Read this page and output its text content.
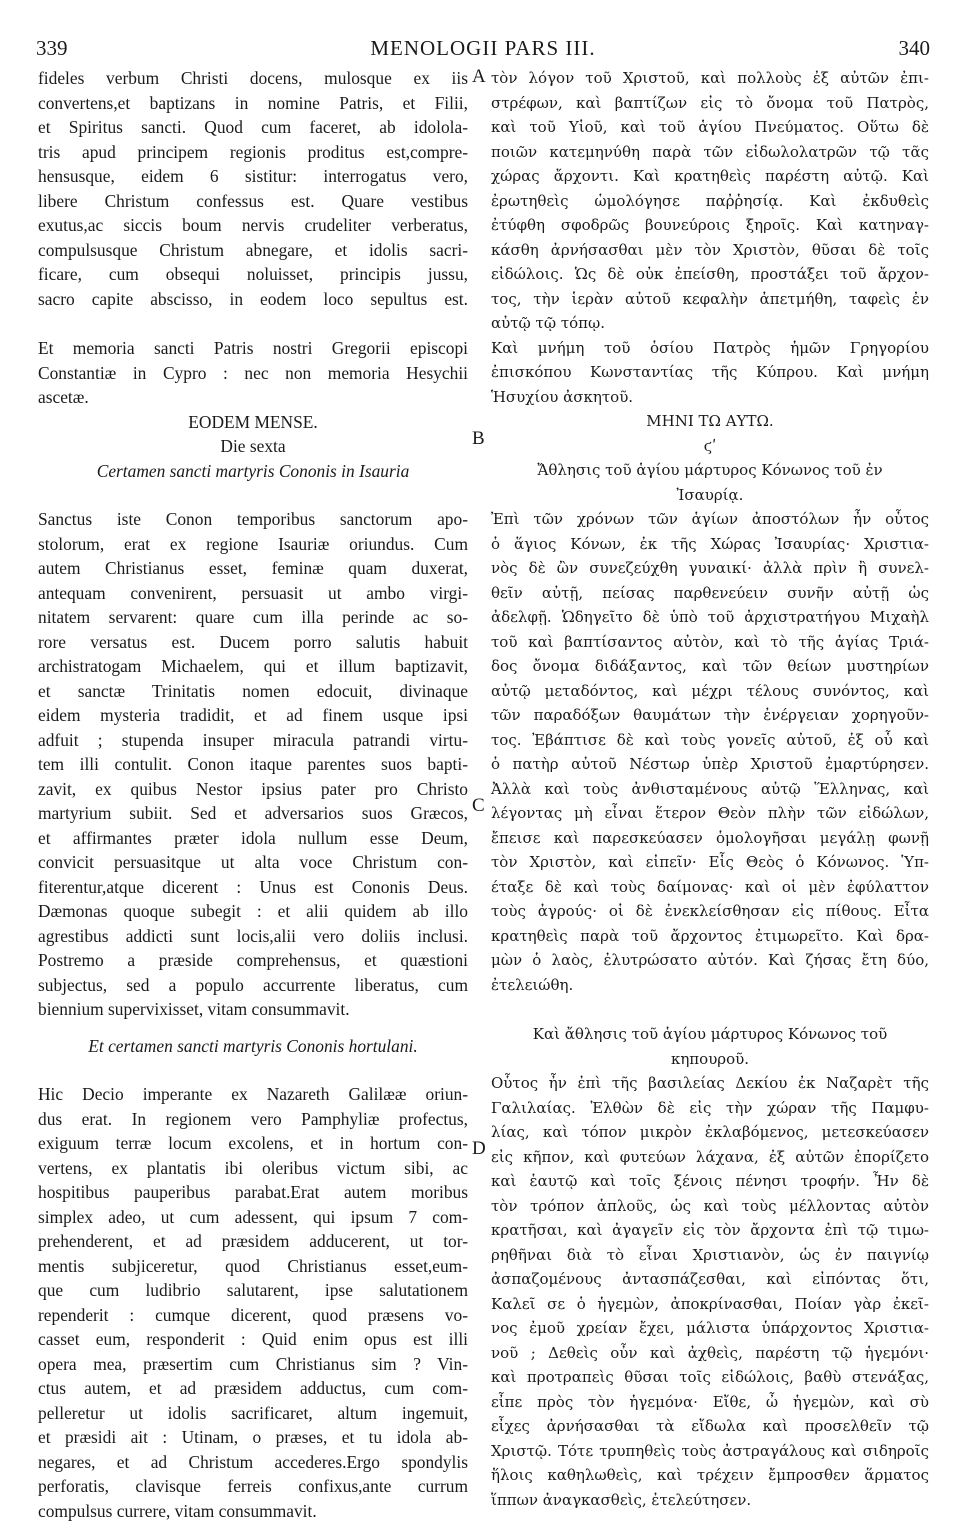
339	MENOLOGII PARS III.	340
A
B
C
D

fideles verbum Christi docens, mulosque ex iis

convertens,et baptizans in nomine Patris, et Filii,

et Spiritus sancti. Quod cum faceret, ab idolola-

tris apud principem regionis proditus est,compre-

hensusque, eidem 6 sistitur: interrogatus vero,

libere Christum confessus est. Quare vestibus

exutus,ac siccis boum nervis crudeliter verberatus,

compulsusque Christum abnegare, et idolis sacri-

ficare, cum obsequi noluisset, principis jussu,

sacro capite abscisso, in eodem loco sepultus est.

Et memoria sancti Patris nostri Gregorii episcopi

Constantiæ in Cypro : nec non memoria Hesychii

ascetæ.

EODEM MENSE.

Die sexta

Certamen sancti martyris Cononis in Isauria

Sanctus iste Conon temporibus sanctorum apo-

stolorum, erat ex regione Isauriæ oriundus. Cum

autem Christianus esset, feminæ quam duxerat,

antequam convenirent, persuasit ut ambo virgi-

nitatem servarent: quare cum illa perinde ac so-

rore versatus est. Ducem porro salutis habuit

archistratogam Michaelem, qui et illum baptizavit,

et sanctæ Trinitatis nomen edocuit, divinaque

eidem mysteria tradidit, et ad finem usque ipsi

adfuit ; stupenda insuper miracula patrandi virtu-

tem illi contulit. Conon itaque parentes suos bapti-

zavit, ex quibus Nestor ipsius pater pro Christo

martyrium subiit. Sed et adversarios suos Græcos,

et affirmantes præter idola nullum esse Deum,

convicit persuasitque ut alta voce Christum con-

fiterentur,atque dicerent : Unus est Cononis Deus.

Dæmonas quoque subegit : et alii quidem ab illo

agrestibus addicti sunt locis,alii vero doliis inclusi.

Postremo a præside comprehensus, et quæstioni

subjectus, sed a populo accurrente liberatus, cum

biennium supervixisset, vitam consummavit.

Et certamen sancti martyris Cononis hortulani.

Hic Decio imperante ex Nazareth Galilææ oriun-

dus erat. In regionem vero Pamphyliæ profectus,

exiguum terræ locum excolens, et in hortum con-

vertens, ex plantatis ibi oleribus victum sibi, ac

hospitibus pauperibus parabat.Erat autem moribus

simplex adeo, ut cum adessent, qui ipsum 7 com-

prehenderent, et ad præsidem adducerent, ut tor-

mentis subjiceretur, quod Christianus esset,eum-

que cum ludibrio salutarent, ipse salutationem

rependerit : cumque dicerent, quod præsens vo-

casset eum, responderit : Quid enim opus est illi

opera mea, præsertim cum Christianus sim ? Vin-

ctus autem, et ad præsidem adductus, cum com-

pelleretur ut idolis sacrificaret, altum ingemuit,

et præsidi ait : Utinam, o præses, et tu idola ab-

negares, et ad Christum accederes.Ergo spondylis

perforatis, clavisque ferreis confixus,ante currum

compulsus currere, vitam consummavit.

τὸν λόγον τοῦ Χριστοῦ, καὶ πολλοὺς ἐξ αὐτῶν ἐπι-

στρέφων, καὶ βαπτίζων εἰς τὸ ὄνομα τοῦ Πατρὸς,

καὶ τοῦ Υἱοῦ, καὶ τοῦ ἁγίου Πνεύματος. Οὕτω δὲ

ποιῶν κατεμηνύθη παρὰ τῶν εἰδωλολατρῶν τῷ τᾶς

χώρας ἄρχοντι. Καὶ κρατηθεὶς παρέστη αὐτῷ. Καὶ

ἐρωτηθεὶς ὡμολόγησε παῤῥησίᾳ. Καὶ ἐκδυθεὶς

ἐτύφθη σφοδρῶς βουνεύροις ξηροῖς. Καὶ κατηναγ-

κάσθη ἀρνήσασθαι μὲν τὸν Χριστὸν, θῦσαι δὲ τοῖς

εἰδώλοις. Ὡς δὲ οὐκ ἐπείσθη, προστάξει τοῦ ἄρχον-

τος, τὴν ἱερὰν αὐτοῦ κεφαλὴν ἀπετμήθη, ταφεὶς ἐν

αὐτῷ τῷ τόπῳ.

Καὶ μνήμη τοῦ ὁσίου Πατρὸς ἡμῶν Γρηγορίου

ἐπισκόπου Κωνσταντίας τῆς Κύπρου. Καὶ μνήμη

Ἡσυχίου ἀσκητοῦ.

ΜΗΝΙ ΤΩ ΑΥΤΩ.

ϛʹ

Ἄθλησις τοῦ ἁγίου μάρτυρος Κόνωνος τοῦ ἐν

Ἰσαυρίᾳ.

Ἐπὶ τῶν χρόνων τῶν ἁγίων ἀποστόλων ἦν οὗτος

ὁ ἅγιος Κόνων, ἐκ τῆς Χώρας Ἰσαυρίας· Χριστια-

νὸς δὲ ὢν συνεζεύχθη γυναικί· ἀλλὰ πρὶν ἢ συνελ-

θεῖν αὐτῇ, πείσας παρθενεύειν συνῆν αὐτῇ ὡς

ἀδελφῇ. Ὡδηγεῖτο δὲ ὑπὸ τοῦ ἀρχιστρατήγου Μιχαὴλ

τοῦ καὶ βαπτίσαντος αὐτὸν, καὶ τὸ τῆς ἁγίας Τριά-

δος ὄνομα διδάξαντος, καὶ τῶν θείων μυστηρίων

αὐτῷ μεταδόντος, καὶ μέχρι τέλους συνόντος, καὶ

τῶν παραδόξων θαυμάτων τὴν ἐνέργειαν χορηγοῦν-

τος. Ἐβάπτισε δὲ καὶ τοὺς γονεῖς αὐτοῦ, ἐξ οὗ καὶ

ὁ πατὴρ αὐτοῦ Νέστωρ ὑπὲρ Χριστοῦ ἐμαρτύρησεν.

Ἀλλὰ καὶ τοὺς ἀνθισταμένους αὐτῷ Ἕλληνας, καὶ

λέγοντας μὴ εἶναι ἕτερον Θεὸν πλὴν τῶν εἰδώλων,

ἔπεισε καὶ παρεσκεύασεν ὁμολογῆσαι μεγάλῃ φωνῇ

τὸν Χριστὸν, καὶ εἰπεῖν· Εἷς Θεὸς ὁ Κόνωνος. Ὑπ-

έταξε δὲ καὶ τοὺς δαίμονας· καὶ οἱ μὲν ἐφύλαττον

τοὺς ἀγρούς· οἱ δὲ ἐνεκλείσθησαν εἰς πίθους. Εἶτα

κρατηθεὶς παρὰ τοῦ ἄρχοντος ἐτιμωρεῖτο. Καὶ δρα-

μὼν ὁ λαὸς, ἐλυτρώσατο αὐτόν. Καὶ ζήσας ἔτη δύο,

ἐτελειώθη.

Καὶ ἄθλησις τοῦ ἁγίου μάρτυρος Κόνωνος τοῦ

κηπουροῦ.

Οὗτος ἦν ἐπὶ τῆς βασιλείας Δεκίου ἐκ Ναζαρὲτ τῆς

Γαλιλαίας. Ἐλθὼν δὲ εἰς τὴν χώραν τῆς Παμφυ-

λίας, καὶ τόπον μικρὸν ἐκλαβόμενος, μετεσκεύασεν

εἰς κῆπον, καὶ φυτεύων λάχανα, ἐξ αὐτῶν ἐπορίζετο

καὶ ἑαυτῷ καὶ τοῖς ξένοις πένησι τροφήν. Ἦν δὲ

τὸν τρόπον ἁπλοῦς, ὡς καὶ τοὺς μέλλοντας αὐτὸν

κρατῆσαι, καὶ ἀγαγεῖν εἰς τὸν ἄρχοντα ἐπὶ τῷ τιμω-

ρηθῆναι διὰ τὸ εἶναι Χριστιανὸν, ὡς ἐν παιγνίῳ

ἀσπαζομένους ἀντασπάζεσθαι, καὶ εἰπόντας ὅτι,

Καλεῖ σε ὁ ἡγεμὼν, ἀποκρίνασθαι, Ποίαν γὰρ ἐκεῖ-

νος ἐμοῦ χρείαν ἔχει, μάλιστα ὑπάρχοντος Χριστια-

νοῦ ; Δεθεὶς οὖν καὶ ἀχθεὶς, παρέστη τῷ ἡγεμόνι·

καὶ προτραπεὶς θῦσαι τοῖς εἰδώλοις, βαθὺ στενάξας,

εἶπε πρὸς τὸν ἡγεμόνα· Εἴθε, ὦ ἡγεμὼν, καὶ σὺ

εἶχες ἀρνήσασθαι τὰ εἴδωλα καὶ προσελθεῖν τῷ

Χριστῷ. Τότε τρυπηθεὶς τοὺς ἀστραγάλους καὶ σιδηροῖς

ἥλοις καθηλωθεὶς, καὶ τρέχειν ἔμπροσθεν ἅρματος

ἵππων ἀναγκασθεὶς, ἐτελεύτησεν.
